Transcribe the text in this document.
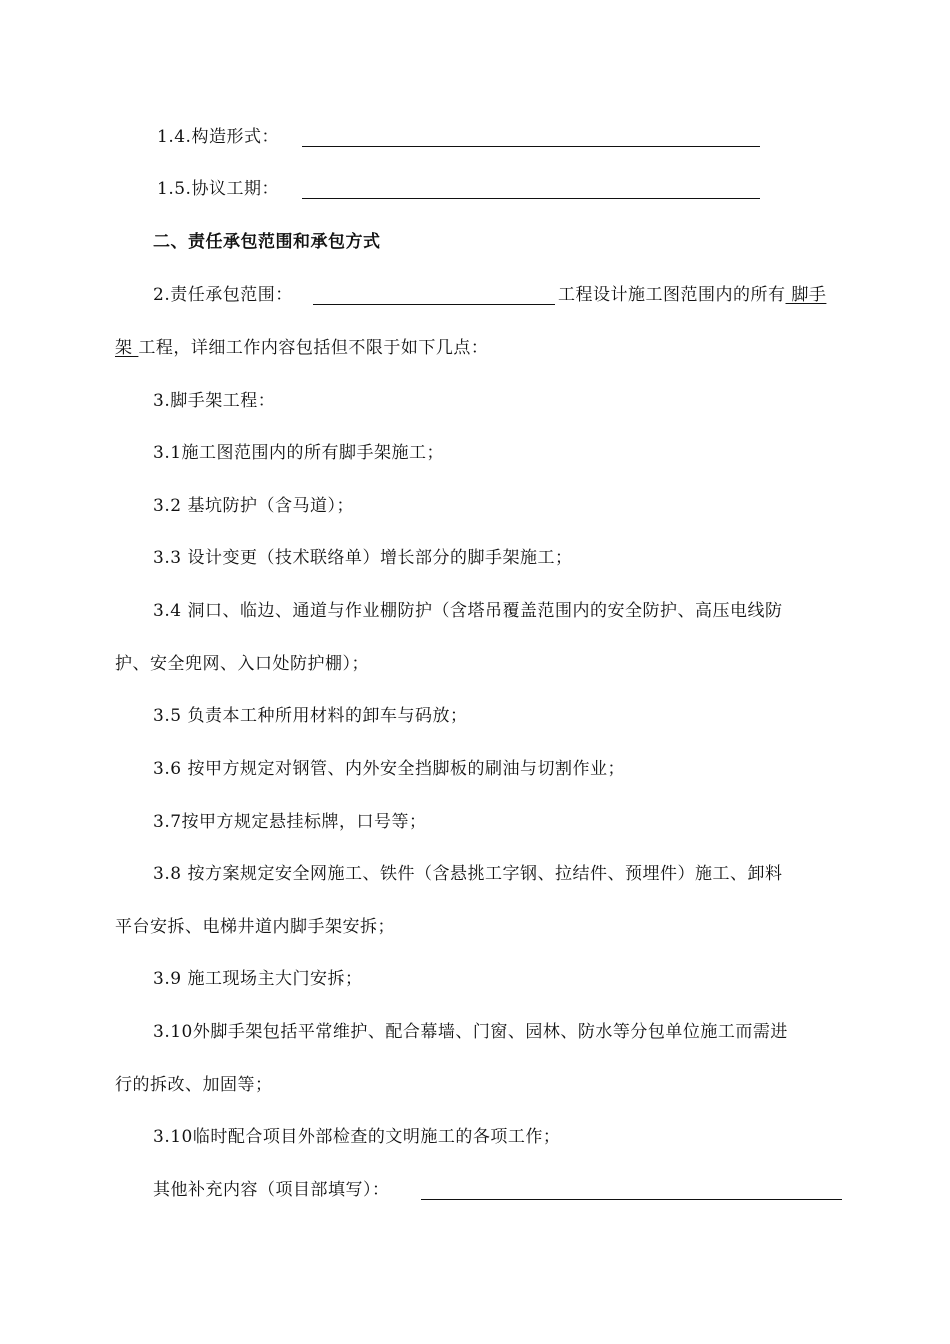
1.4.构造形式：
1.5.协议工期：
二、责任承包范围和承包方式
2.责任承包范围：	工程设计施工图范围内的所有 脚手
架 工程，详细工作内容包括但不限于如下几点：
3.脚手架工程：
3.1施工图范围内的所有脚手架施工；
3.2 基坑防护（含马道）；
3.3 设计变更（技术联络单）增长部分的脚手架施工；
3.4 洞口、临边、通道与作业棚防护（含塔吊覆盖范围内的安全防护、高压电线防
护、安全兜网、入口处防护棚）；
3.5 负责本工种所用材料的卸车与码放；
3.6 按甲方规定对钢管、内外安全挡脚板的刷油与切割作业；
3.7按甲方规定悬挂标牌，口号等；
3.8 按方案规定安全网施工、铁件（含悬挑工字钢、拉结件、预埋件）施工、卸料
平台安拆、电梯井道内脚手架安拆；
3.9 施工现场主大门安拆；
3.10外脚手架包括平常维护、配合幕墙、门窗、园林、防水等分包单位施工而需进
行的拆改、加固等；
3.10临时配合项目外部检查的文明施工的各项工作；
其他补充内容（项目部填写）：
